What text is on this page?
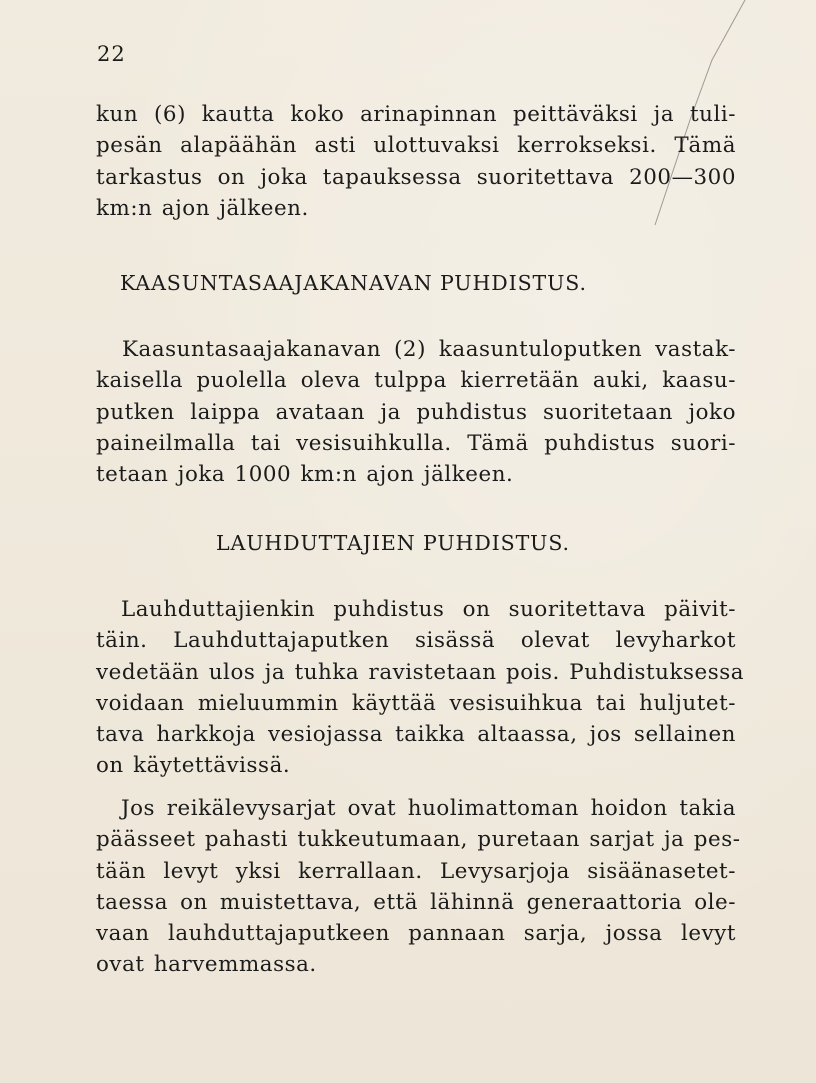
22
kun (6) kautta koko arinapinnan peittäväksi ja tuli-
pesän alapäähän asti ulottuvaksi kerrokseksi. Tämä
tarkastus on joka tapauksessa suoritettava 200—300
km:n ajon jälkeen.
KAASUNTASAAJAKANAVAN PUHDISTUS.
Kaasuntasaajakanavan (2) kaasuntuloputken vastak-
kaisella puolella oleva tulppa kierretään auki, kaasu-
putken laippa avataan ja puhdistus suoritetaan joko
paineilmalla tai vesisuihkulla. Tämä puhdistus suori-
tetaan joka 1000 km:n ajon jälkeen.
LAUHDUTTAJIEN PUHDISTUS.
Lauhduttajienkin puhdistus on suoritettava päivit-
täin. Lauhduttajaputken sisässä olevat levyharkot
vedetään ulos ja tuhka ravistetaan pois. Puhdistuksessa
voidaan mieluummin käyttää vesisuihkua tai huljutet-
tava harkkoja vesiojassa taikka altaassa, jos sellainen
on käytettävissä.
Jos reikälevysarjat ovat huolimattoman hoidon takia
päässeet pahasti tukkeutumaan, puretaan sarjat ja pes-
tään levyt yksi kerrallaan. Levysarjoja sisäänasetet-
taessa on muistettava, että lähinnä generaattoria ole-
vaan lauhduttajaputkeen pannaan sarja, jossa levyt
ovat harvemmassa.
